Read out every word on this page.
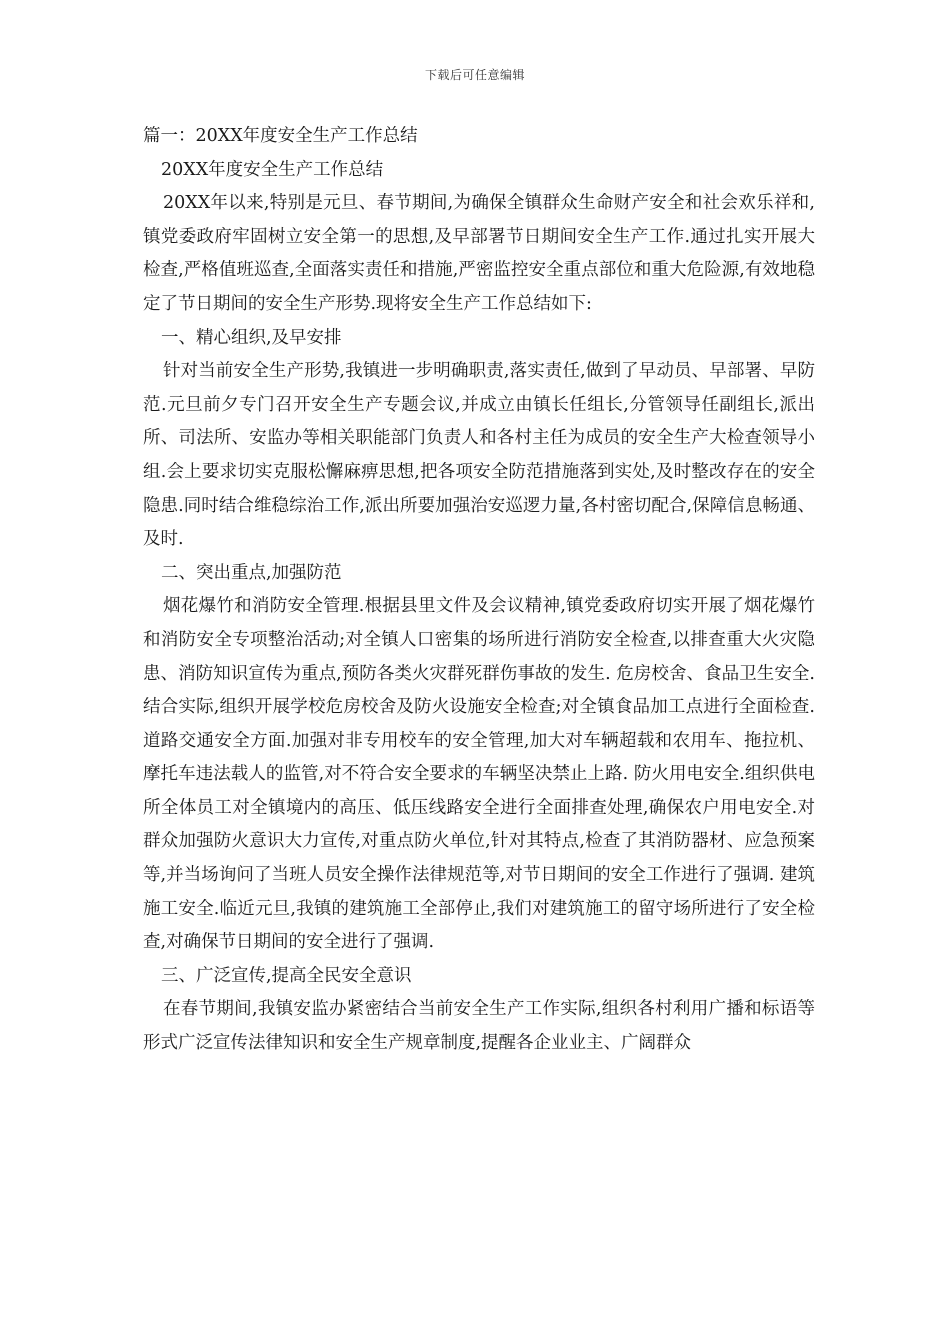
下载后可任意编辑

篇一：20XX年度安全生产工作总结

20XX年度安全生产工作总结

20XX年以来,特别是元旦、春节期间,为确保全镇群众生命财产安全和社会欢乐祥和,镇党委政府牢固树立安全第一的思想,及早部署节日期间安全生产工作.通过扎实开展大检查,严格值班巡查,全面落实责任和措施,严密监控安全重点部位和重大危险源,有效地稳定了节日期间的安全生产形势.现将安全生产工作总结如下:

一、精心组织,及早安排

针对当前安全生产形势,我镇进一步明确职责,落实责任,做到了早动员、早部署、早防范.元旦前夕专门召开安全生产专题会议,并成立由镇长任组长,分管领导任副组长,派出所、司法所、安监办等相关职能部门负责人和各村主任为成员的安全生产大检查领导小组.会上要求切实克服松懈麻痹思想,把各项安全防范措施落到实处,及时整改存在的安全隐患.同时结合维稳综治工作,派出所要加强治安巡逻力量,各村密切配合,保障信息畅通、及时.

二、突出重点,加强防范

烟花爆竹和消防安全管理.根据县里文件及会议精神,镇党委政府切实开展了烟花爆竹和消防安全专项整治活动;对全镇人口密集的场所进行消防安全检查,以排查重大火灾隐患、消防知识宣传为重点,预防各类火灾群死群伤事故的发生. 危房校舍、食品卫生安全.结合实际,组织开展学校危房校舍及防火设施安全检查;对全镇食品加工点进行全面检查. 道路交通安全方面.加强对非专用校车的安全管理,加大对车辆超载和农用车、拖拉机、摩托车违法载人的监管,对不符合安全要求的车辆坚决禁止上路. 防火用电安全.组织供电所全体员工对全镇境内的高压、低压线路安全进行全面排查处理,确保农户用电安全.对群众加强防火意识大力宣传,对重点防火单位,针对其特点,检查了其消防器材、应急预案等,并当场询问了当班人员安全操作法律规范等,对节日期间的安全工作进行了强调. 建筑施工安全.临近元旦,我镇的建筑施工全部停止,我们对建筑施工的留守场所进行了安全检查,对确保节日期间的安全进行了强调.

三、广泛宣传,提高全民安全意识

在春节期间,我镇安监办紧密结合当前安全生产工作实际,组织各村利用广播和标语等形式广泛宣传法律知识和安全生产规章制度,提醒各企业业主、广阔群众
